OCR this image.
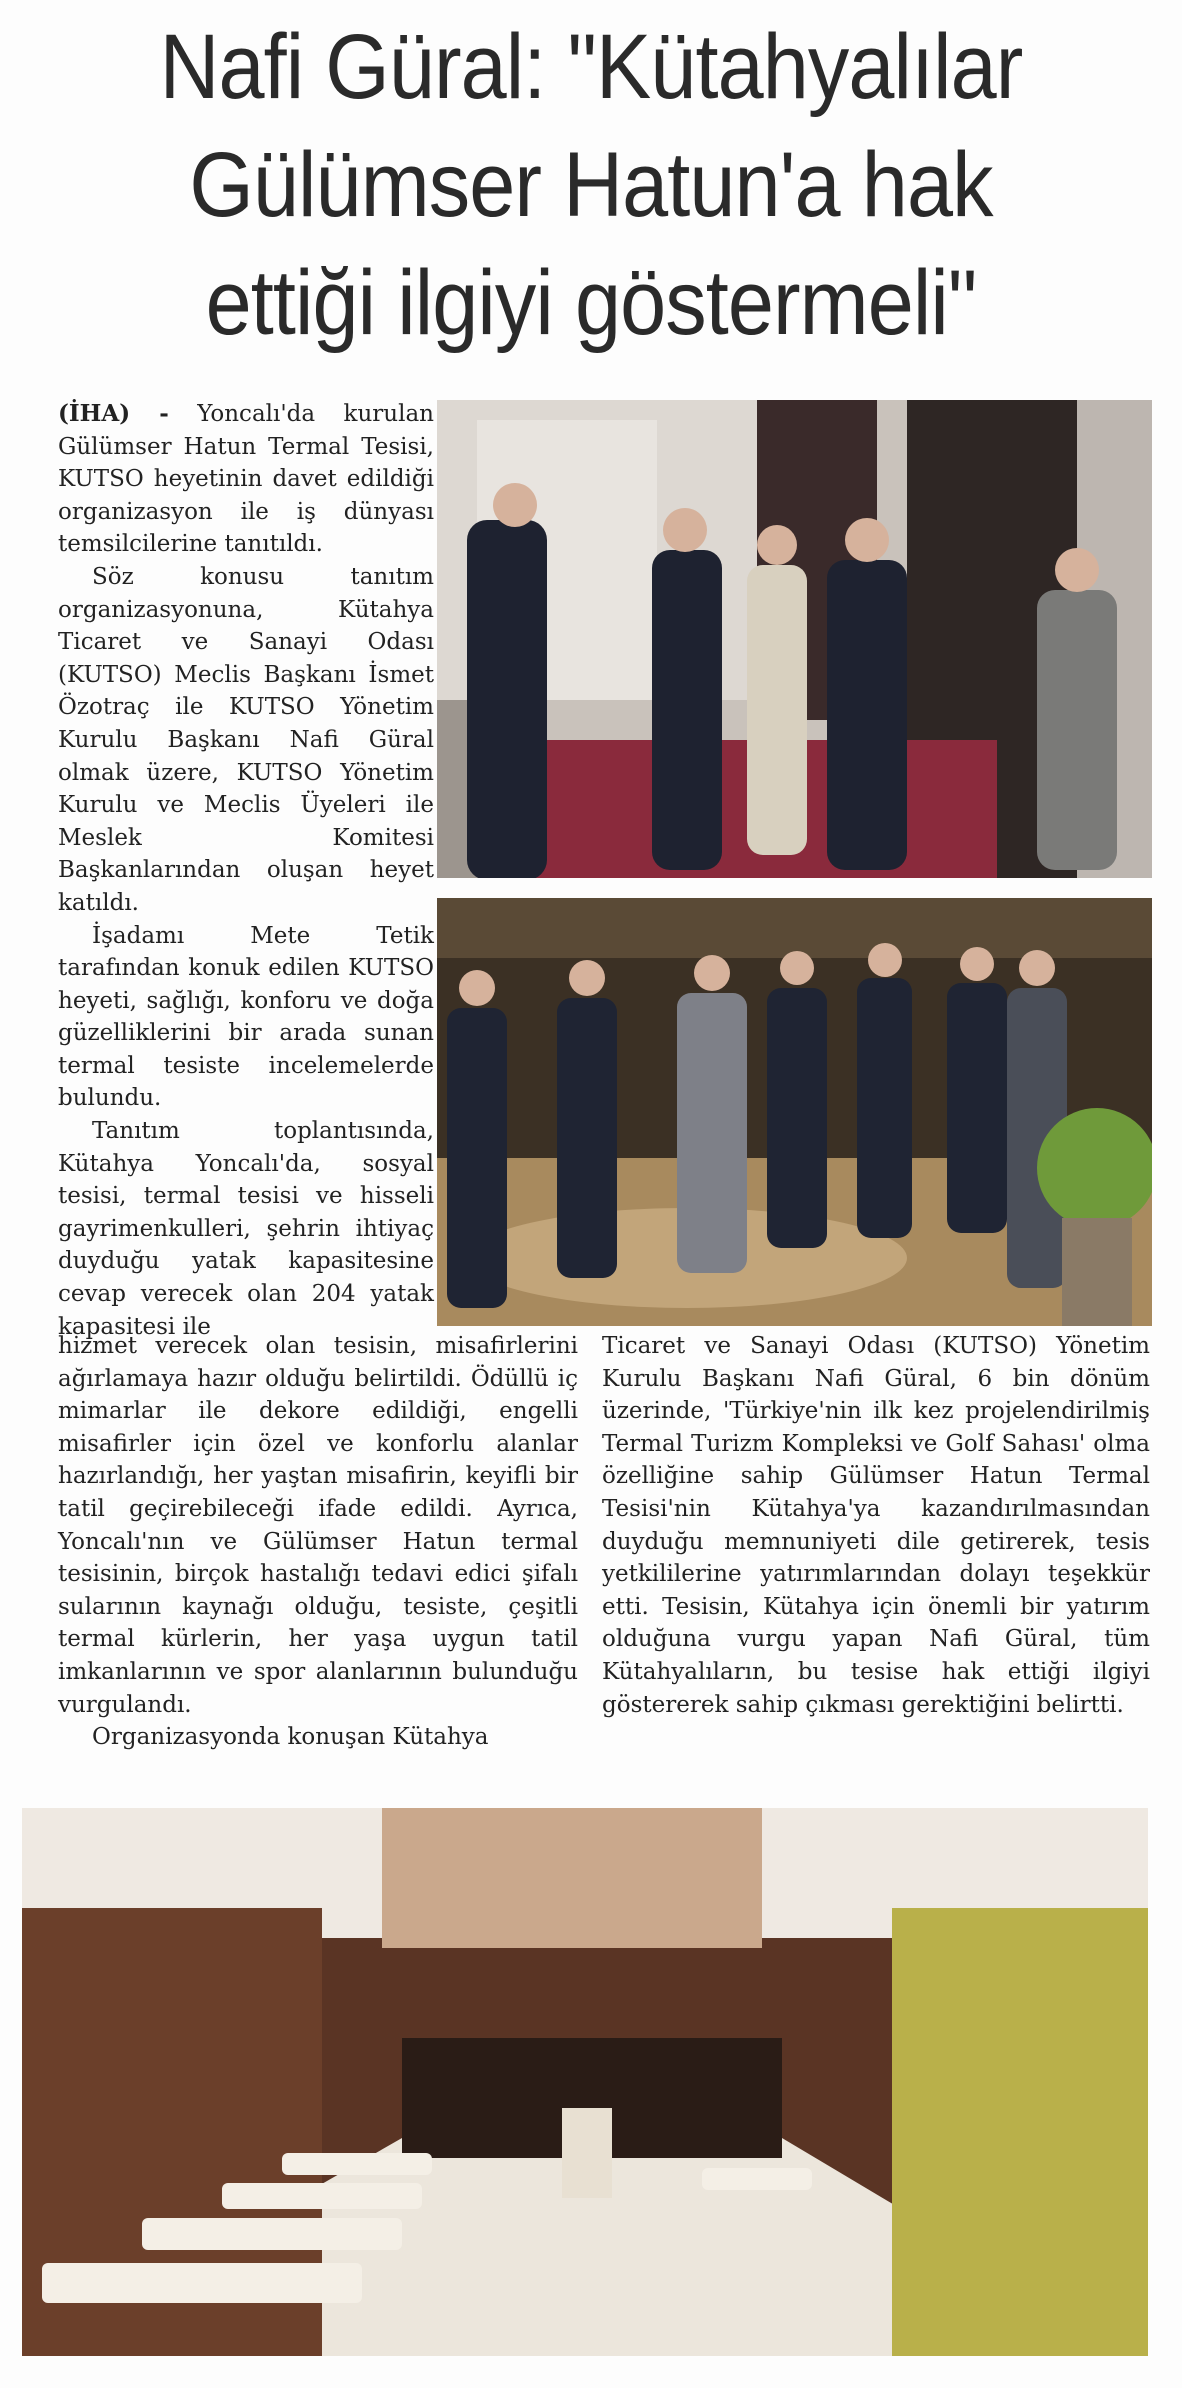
Nafi Güral: "Kütahyalılar
Gülümser Hatun'a hak
ettiği ilgiyi göstermeli"

(İHA) - Yoncalı'da kurulan Gülümser Hatun Termal Tesisi, KUTSO heyetinin davet edildiği organizasyon ile iş dünyası temsilcilerine tanıtıldı.

Söz konusu tanıtım organizasyonuna, Kütahya Ticaret ve Sanayi Odası (KUTSO) Meclis Başkanı İsmet Özotraç ile KUTSO Yönetim Kurulu Başkanı Nafi Güral olmak üzere, KUTSO Yönetim Kurulu ve Meclis Üyeleri ile Meslek Komitesi Başkanlarından oluşan heyet katıldı.

İşadamı Mete Tetik tarafından konuk edilen KUTSO heyeti, sağlığı, konforu ve doğa güzelliklerini bir arada sunan termal tesiste incelemelerde bulundu.

Tanıtım toplantısında, Kütahya Yoncalı'da, sosyal tesisi, termal tesisi ve hisseli gayrimenkulleri, şehrin ihtiyaç duyduğu yatak kapasitesine cevap verecek olan 204 yatak kapasitesi ile

hizmet verecek olan tesisin, misafirlerini ağırlamaya hazır olduğu belirtildi. Ödüllü iç mimarlar ile dekore edildiği, engelli misafirler için özel ve konforlu alanlar hazırlandığı, her yaştan misafirin, keyifli bir tatil geçirebileceği ifade edildi. Ayrıca, Yoncalı'nın ve Gülümser Hatun termal tesisinin, birçok hastalığı tedavi edici şifalı sularının kaynağı olduğu, tesiste, çeşitli termal kürlerin, her yaşa uygun tatil imkanlarının ve spor alanlarının bulunduğu vurgulandı.

Organizasyonda konuşan Kütahya

Ticaret ve Sanayi Odası (KUTSO) Yönetim Kurulu Başkanı Nafi Güral, 6 bin dönüm üzerinde, 'Türkiye'nin ilk kez projelendirilmiş Termal Turizm Kompleksi ve Golf Sahası' olma özelliğine sahip Gülümser Hatun Termal Tesisi'nin Kütahya'ya kazandırılmasından duyduğu memnuniyeti dile getirerek, tesis yetkililerine yatırımlarından dolayı teşekkür etti. Tesisin, Kütahya için önemli bir yatırım olduğuna vurgu yapan Nafi Güral, tüm Kütahyalıların, bu tesise hak ettiği ilgiyi göstererek sahip çıkması gerektiğini belirtti.
